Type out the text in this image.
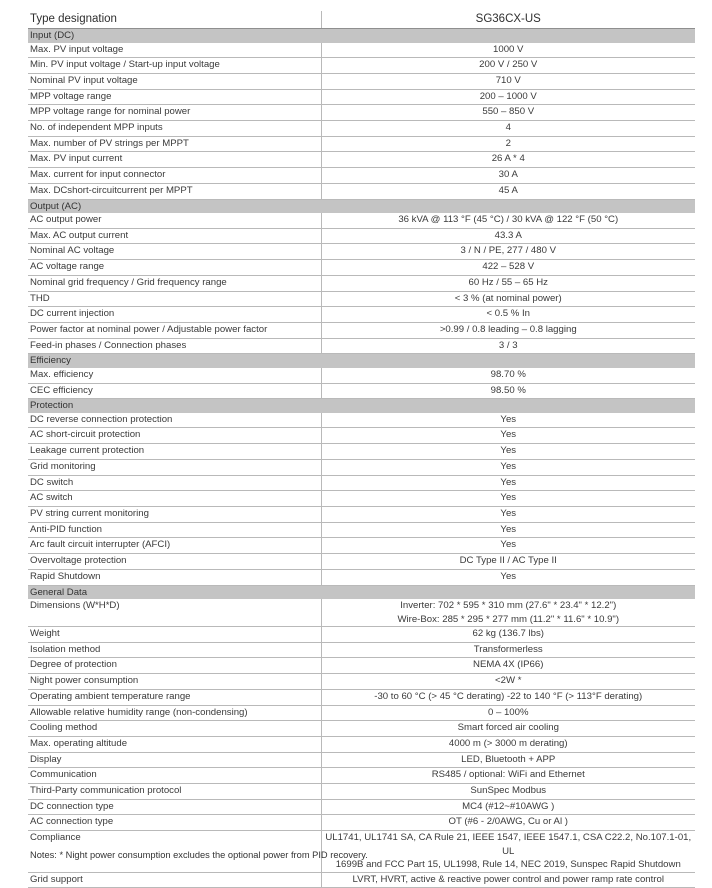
Type designation	SG36CX-US
Input (DC)	
Max. PV input voltage	1000 V
Min. PV input voltage / Start-up input voltage	200 V / 250 V
Nominal PV input voltage	710 V
MPP voltage range	200 – 1000 V
MPP voltage range for nominal power	550 – 850 V
No. of independent MPP inputs	4
Max. number of PV strings per MPPT	2
Max. PV input current	26 A * 4
Max. current for input connector	30 A
Max. DCshort-circuitcurrent per MPPT	45 A
Output (AC)	
AC output power	36 kVA @ 113 °F (45 °C) / 30 kVA @ 122 °F (50 °C)
Max. AC output current	43.3 A
Nominal AC voltage	3 / N / PE, 277 / 480 V
AC voltage range	422 – 528 V
Nominal grid frequency / Grid frequency range	60 Hz / 55 – 65 Hz
THD	< 3 % (at nominal power)
DC current injection	< 0.5 % In
Power factor at nominal power / Adjustable power factor	>0.99 / 0.8 leading – 0.8 lagging
Feed-in phases / Connection phases	3 / 3
Efficiency	
Max. efficiency	98.70 %
CEC efficiency	98.50 %
Protection	
DC reverse connection protection	Yes
AC short-circuit protection	Yes
Leakage current protection	Yes
Grid monitoring	Yes
DC switch	Yes
AC switch	Yes
PV string current monitoring	Yes
Anti-PID function	Yes
Arc fault circuit interrupter (AFCI)	Yes
Overvoltage protection	DC Type II / AC Type II
Rapid Shutdown	Yes
General Data	
Dimensions (W*H*D)	Inverter: 702 * 595 * 310 mm (27.6" * 23.4" * 12.2")
Wire-Box: 285 * 295 * 277 mm (11.2" * 11.6" * 10.9")

Weight	62 kg (136.7 lbs)
Isolation method	Transformerless
Degree of protection	NEMA 4X (IP66)
Night power consumption	<2W *
Operating ambient temperature range	-30 to 60 °C (> 45 °C derating) -22 to 140 °F (> 113°F derating)
Allowable relative humidity range (non-condensing)	0 – 100%
Cooling method	Smart forced air cooling
Max. operating altitude	4000 m (> 3000 m derating)
Display	LED, Bluetooth + APP
Communication	RS485 / optional: WiFi and Ethernet
Third-Party communication protocol	SunSpec Modbus
DC connection type	MC4 (#12~#10AWG )
AC connection type	OT (#6 - 2/0AWG, Cu or Al )
Compliance	UL1741, UL1741 SA, CA Rule 21, IEEE 1547, IEEE 1547.1, CSA C22.2, No.107.1-01, UL
1699B and FCC Part 15, UL1998, Rule 14, NEC 2019, Sunspec Rapid Shutdown

Grid support	LVRT, HVRT, active & reactive power control and power ramp rate control
Notes: * Night power consumption excludes the optional power from PID recovery.
